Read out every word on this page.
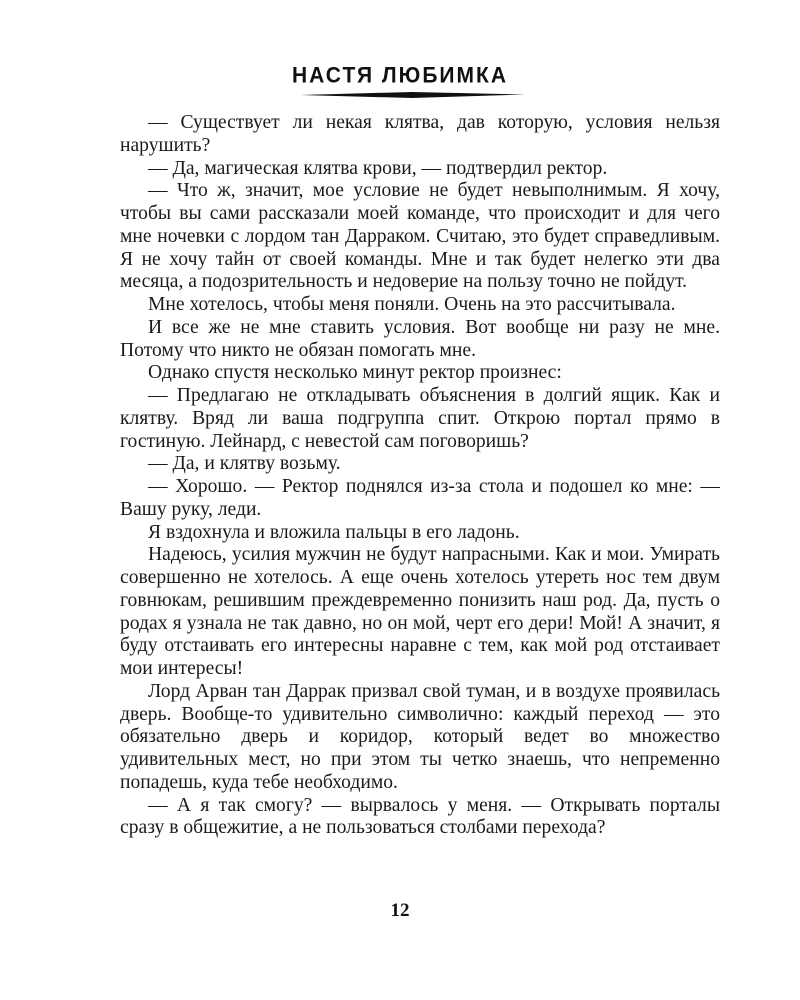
НАСТЯ ЛЮБИМКА

— Существует ли некая клятва, дав которую, условия нельзя нарушить?

— Да, магическая клятва крови, — подтвердил ректор.

— Что ж, значит, мое условие не будет невыполнимым. Я хочу, чтобы вы сами рассказали моей команде, что происходит и для чего мне ночевки с лордом тан Дарраком. Считаю, это будет справедливым. Я не хочу тайн от своей команды. Мне и так будет нелегко эти два месяца, а подозрительность и недоверие на пользу точно не пойдут.

Мне хотелось, чтобы меня поняли. Очень на это рассчитывала.

И все же не мне ставить условия. Вот вообще ни разу не мне. Потому что никто не обязан помогать мне.

Однако спустя несколько минут ректор произнес:

— Предлагаю не откладывать объяснения в долгий ящик. Как и клятву. Вряд ли ваша подгруппа спит. Открою портал прямо в гостиную. Лейнард, с невестой сам поговоришь?

— Да, и клятву возьму.

— Хорошо. — Ректор поднялся из-за стола и подошел ко мне: — Вашу руку, леди.

Я вздохнула и вложила пальцы в его ладонь.

Надеюсь, усилия мужчин не будут напрасными. Как и мои. Умирать совершенно не хотелось. А еще очень хотелось утереть нос тем двум говнюкам, решившим преждевременно понизить наш род. Да, пусть о родах я узнала не так давно, но он мой, черт его дери! Мой! А значит, я буду отстаивать его интересны наравне с тем, как мой род отстаивает мои интересы!

Лорд Арван тан Даррак призвал свой туман, и в воздухе проявилась дверь. Вообще-то удивительно символично: каждый переход — это обязательно дверь и коридор, который ведет во множество удивительных мест, но при этом ты четко знаешь, что непременно попадешь, куда тебе необходимо.

— А я так смогу? — вырвалось у меня. — Открывать порталы сразу в общежитие, а не пользоваться столбами перехода?

12
